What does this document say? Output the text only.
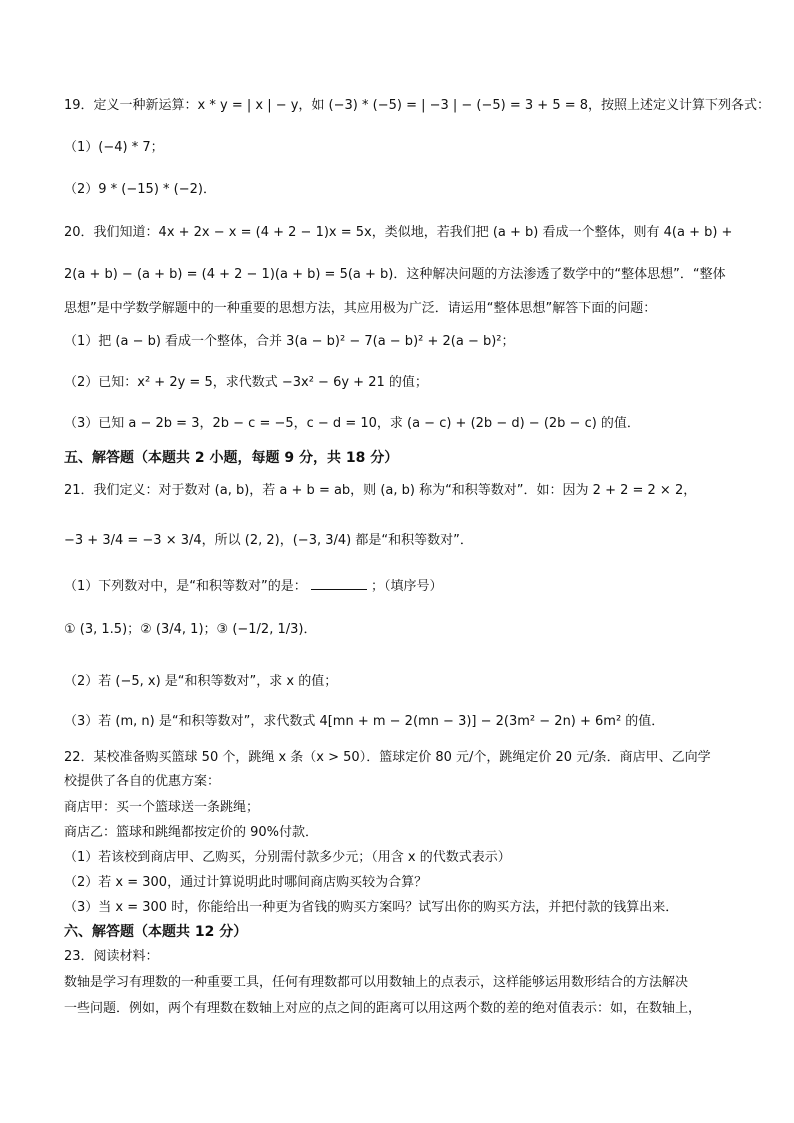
19．定义一种新运算：x * y = | x | − y，如 (−3) * (−5) = | −3 | − (−5) = 3 + 5 = 8，按照上述定义计算下列各式：
（1）(−4) * 7；
（2）9 * (−15) * (−2)．
20．我们知道：4x + 2x − x = (4 + 2 − 1)x = 5x，类似地，若我们把 (a + b) 看成一个整体，则有 4(a + b) +
2(a + b) − (a + b) = (4 + 2 − 1)(a + b) = 5(a + b)．这种解决问题的方法渗透了数学中的“整体思想”．“整体
思想”是中学数学解题中的一种重要的思想方法，其应用极为广泛．请运用“整体思想”解答下面的问题：
（1）把 (a − b) 看成一个整体，合并 3(a − b)² − 7(a − b)² + 2(a − b)²；
（2）已知：x² + 2y = 5，求代数式 −3x² − 6y + 21 的值；
（3）已知 a − 2b = 3，2b − c = −5，c − d = 10，求 (a − c) + (2b − d) − (2b − c) 的值．
五、解答题（本题共 2 小题，每题 9 分，共 18 分）
21．我们定义：对于数对 (a, b)，若 a + b = ab，则 (a, b) 称为“和积等数对”．如：因为 2 + 2 = 2 × 2，
−3 + 3/4 = −3 × 3/4，所以 (2, 2)，(−3, 3/4) 都是“和积等数对”．
（1）下列数对中，是“和积等数对”的是：	；（填序号）
① (3, 1.5)；② (3/4, 1)；③ (−1/2, 1/3)．
（2）若 (−5, x) 是“和积等数对”，求 x 的值；
（3）若 (m, n) 是“和积等数对”，求代数式 4[mn + m − 2(mn − 3)] − 2(3m² − 2n) + 6m² 的值．
22．某校准备购买篮球 50 个，跳绳 x 条（x > 50）．篮球定价 80 元/个，跳绳定价 20 元/条．商店甲、乙向学
校提供了各自的优惠方案：
商店甲：买一个篮球送一条跳绳；
商店乙：篮球和跳绳都按定价的 90%付款．
（1）若该校到商店甲、乙购买，分别需付款多少元；（用含 x 的代数式表示）
（2）若 x = 300，通过计算说明此时哪间商店购买较为合算？
（3）当 x = 300 时，你能给出一种更为省钱的购买方案吗？试写出你的购买方法，并把付款的钱算出来．
六、解答题（本题共 12 分）
23．阅读材料：
数轴是学习有理数的一种重要工具，任何有理数都可以用数轴上的点表示，这样能够运用数形结合的方法解决
一些问题．例如，两个有理数在数轴上对应的点之间的距离可以用这两个数的差的绝对值表示：如，在数轴上，
